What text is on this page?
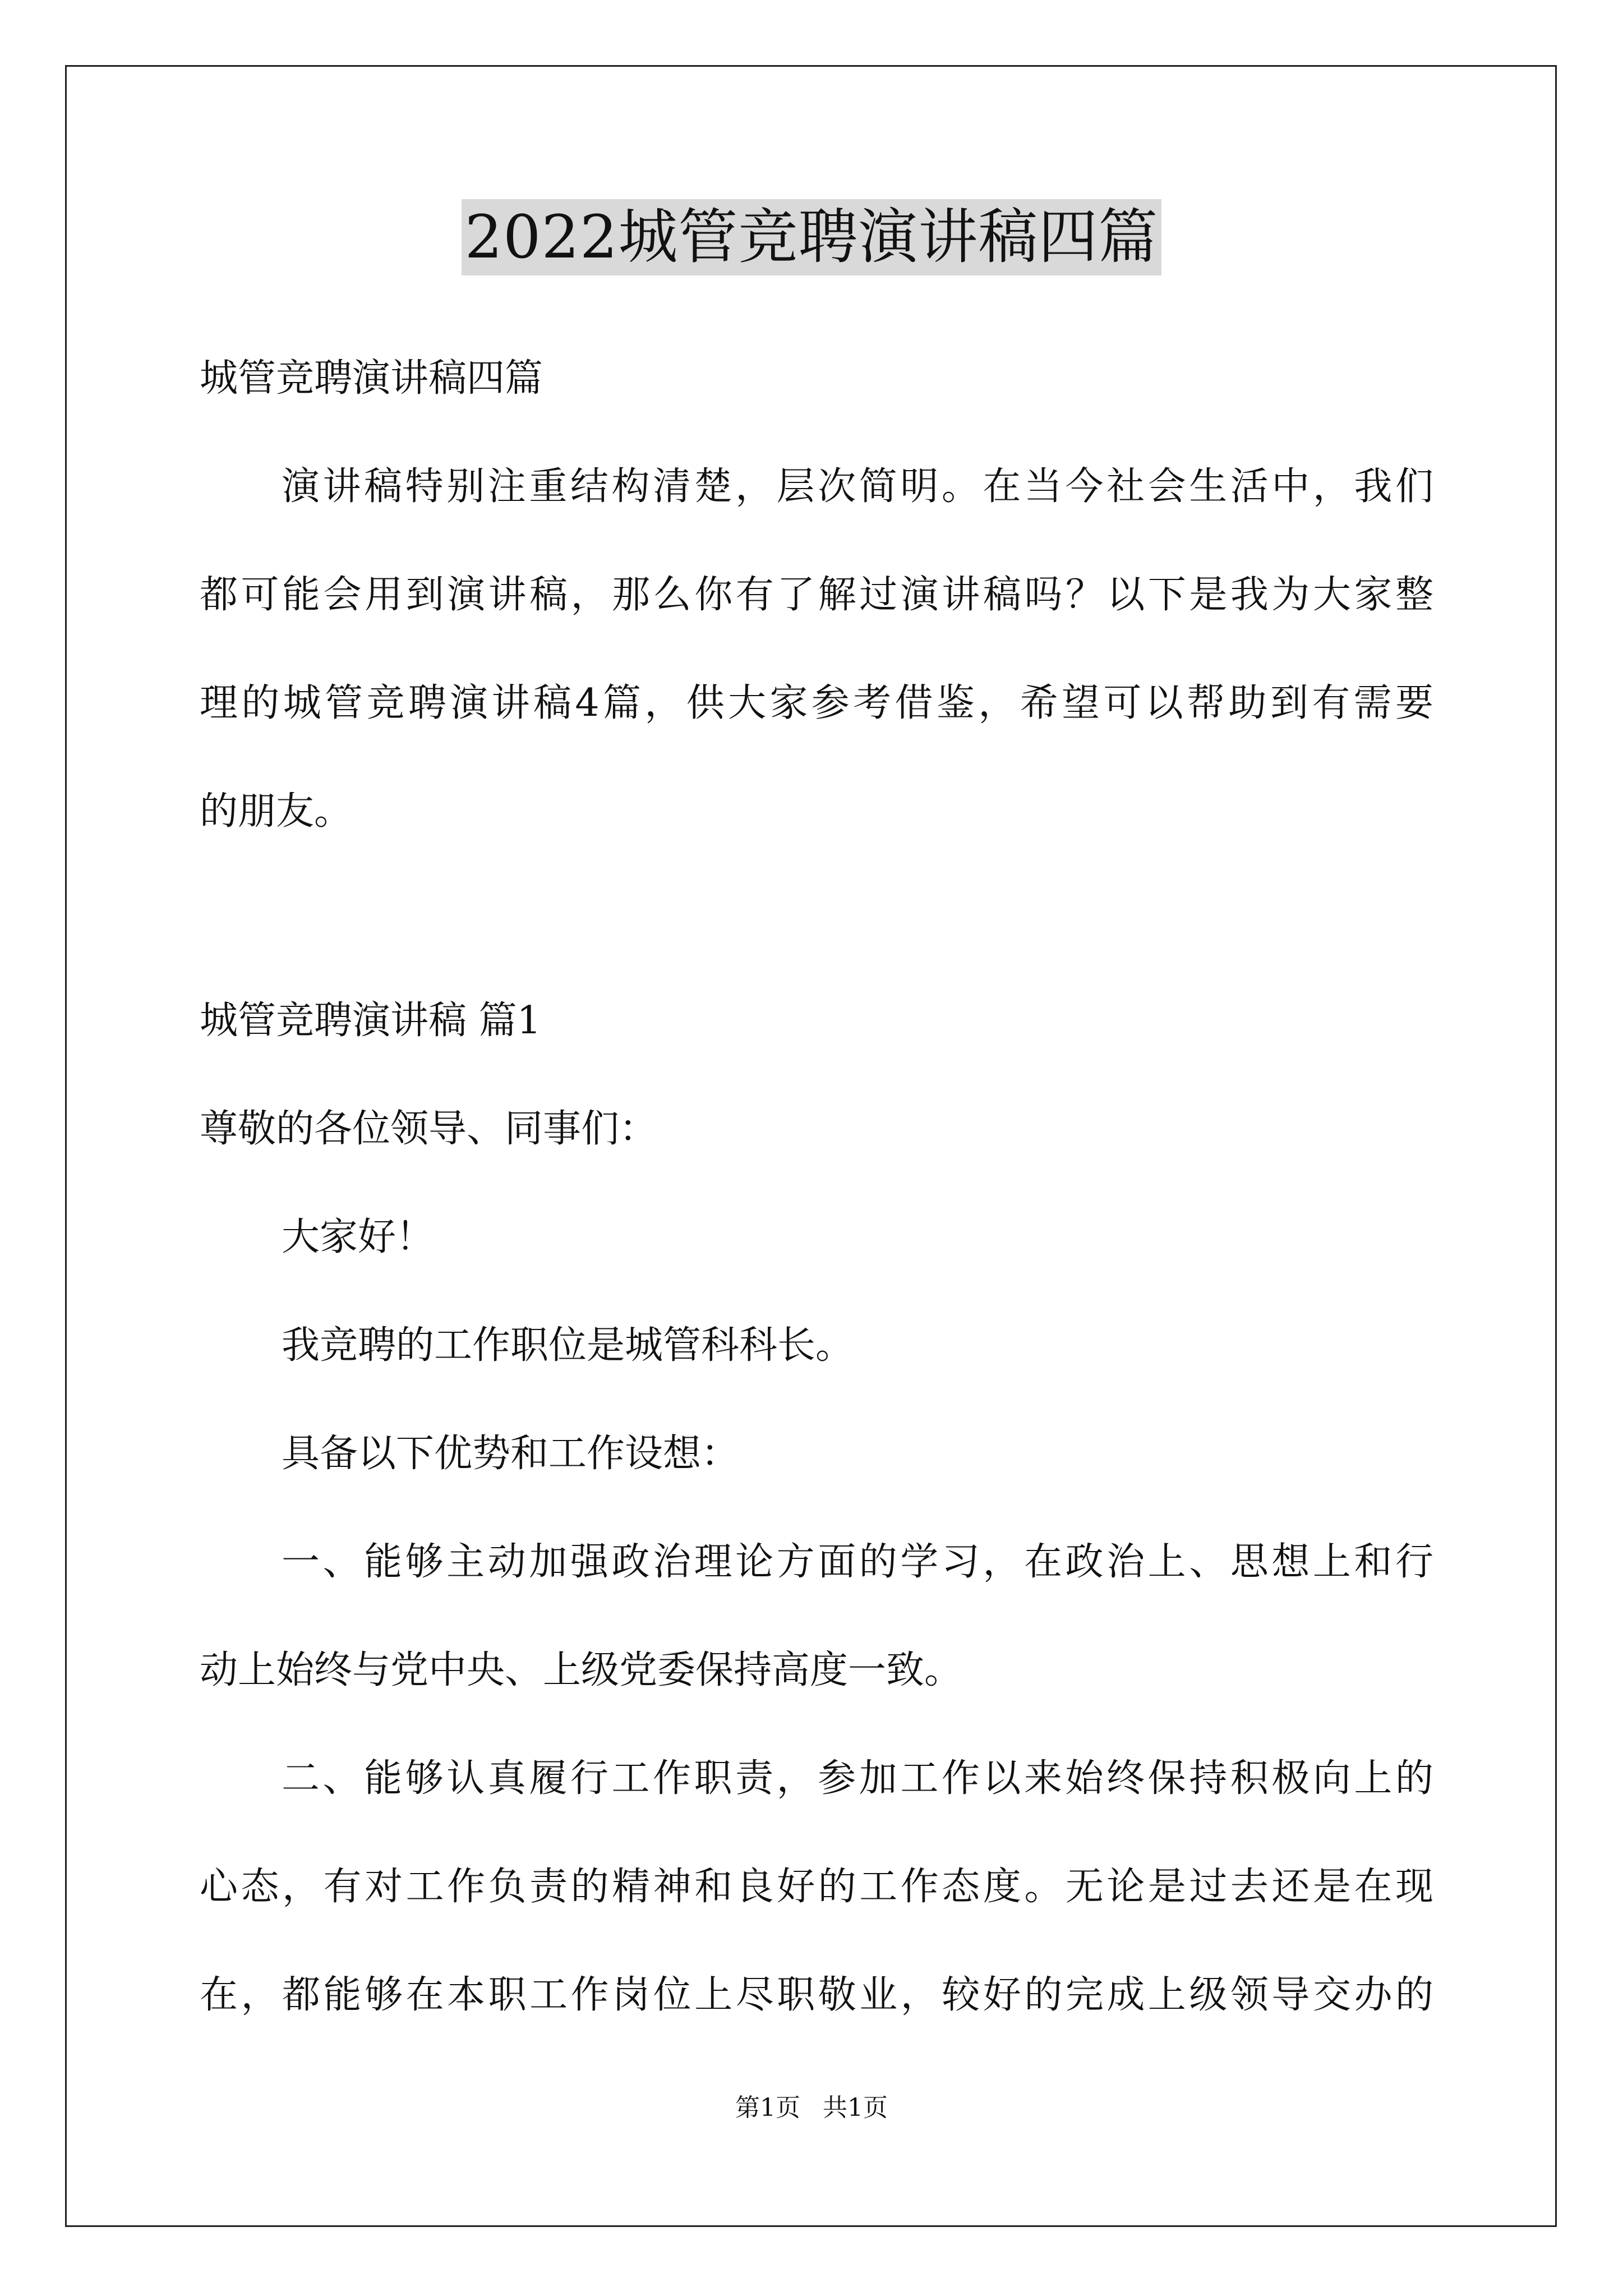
2022城管竞聘演讲稿四篇
城管竞聘演讲稿四篇
演讲稿特别注重结构清楚，层次简明。在当今社会生活中，我们
都可能会用到演讲稿，那么你有了解过演讲稿吗？以下是我为大家整
理的城管竞聘演讲稿4篇，供大家参考借鉴，希望可以帮助到有需要
的朋友。
城管竞聘演讲稿 篇1
尊敬的各位领导、同事们：
大家好！
我竞聘的工作职位是城管科科长。
具备以下优势和工作设想：
一、能够主动加强政治理论方面的学习，在政治上、思想上和行
动上始终与党中央、上级党委保持高度一致。
二、能够认真履行工作职责，参加工作以来始终保持积极向上的
心态，有对工作负责的精神和良好的工作态度。无论是过去还是在现
在，都能够在本职工作岗位上尽职敬业，较好的完成上级领导交办的
第1页 共1页
